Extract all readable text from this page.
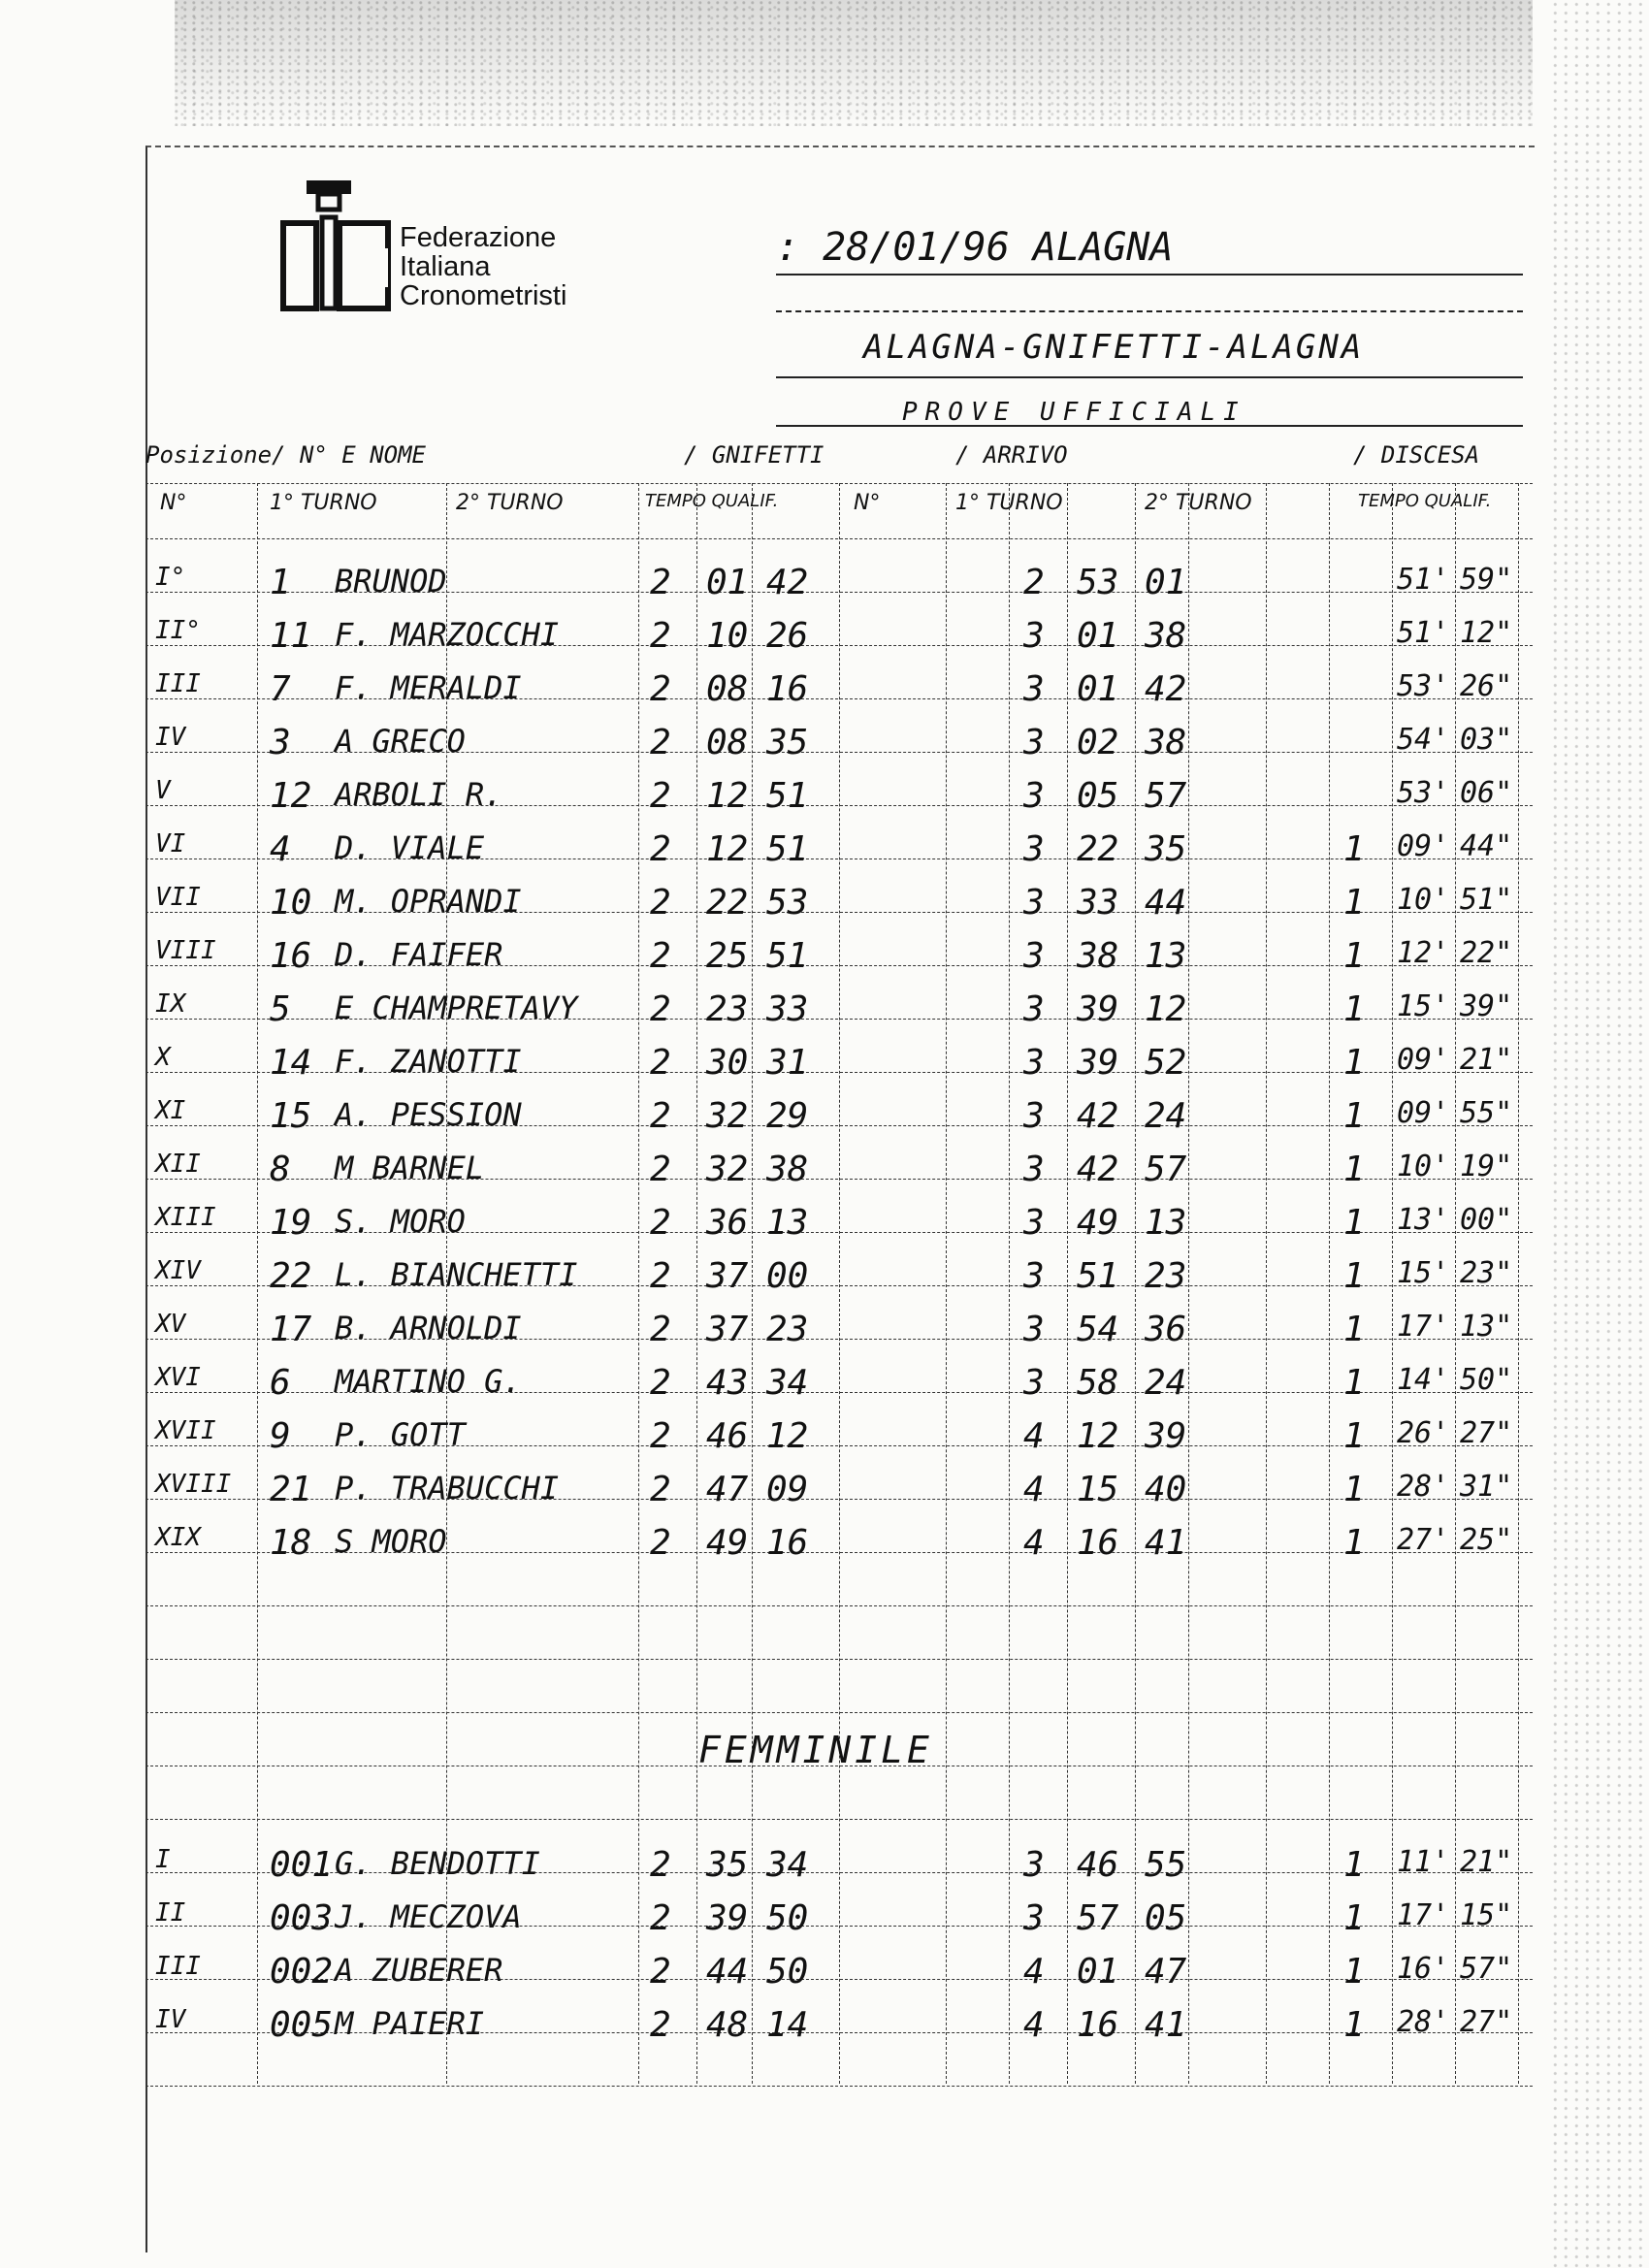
Federazione
Italiana
Cronometristi
: 28/01/96 ALAGNA
ALAGNA-GNIFETTI-ALAGNA
PROVE UFFICIALI
Posizione/ N° E NOME	/ GNIFETTI	/ ARRIVO	/ DISCESA
N°	1° TURNO	2° TURNO	TEMPO QUALIF.	N°	1° TURNO	2° TURNO	TEMPO QUALIF.
FEMMINILE
I° 1 BRUNOD	2 01 42	2 53 01	51' 59"
II° 11 F. MARZOCCHI	2 10 26	3 01 38	51' 12"
III 7 F. MERALDI	2 08 16	3 01 42	53' 26"
IV 3 A GRECO	2 08 35	3 02 38	54' 03"
V	12 ARBOLI R.	2 12 51	3 05 57	53' 06"
VI 4 D. VIALE	2 12 51	3 22 35	1 09' 44"
VII 10 M. OPRANDI	2 22 53	3 33 44	1 10' 51"
VIII 16 D. FAIFER	2 25 51	3 38 13	1 12' 22"
IX 5 E CHAMPRETAVY 2 23 33	3 39 12	1 15' 39"
X	14 F. ZANOTTI	2 30 31	3 39 52	1 09' 21"
XI 15 A. PESSION	2 32 29	3 42 24	1 09' 55"
XII 8 M BARNEL	2 32 38	3 42 57	1 10' 19"
XIII 19 S. MORO	2 36 13	3 49 13	1 13' 00"
XIV 22 L. BIANCHETTI 2 37 00	3 51 23	1 15' 23"
XV 17 B. ARNOLDI	2 37 23	3 54 36	1 17' 13"
XVI 6 MARTINO G.	2 43 34	3 58 24	1 14' 50"
XVII 9 P. GOTT	2 46 12	4 12 39	1 26' 27"
XVIII 21 P. TRABUCCHI	2 47 09	4 15 40	1 28' 31"
XIX 18 S MORO	2 49 16	4 16 41	1 27' 25"
I	001 G. BENDOTTI	2 35 34	3 46 55	1 11' 21"
II 003 J. MECZOVA	2 39 50	3 57 05	1 17' 15"
III 002 A ZUBERER	2 44 50	4 01 47	1 16' 57"
IV 005 M PAIERI	2 48 14	4 16 41	1 28' 27"
